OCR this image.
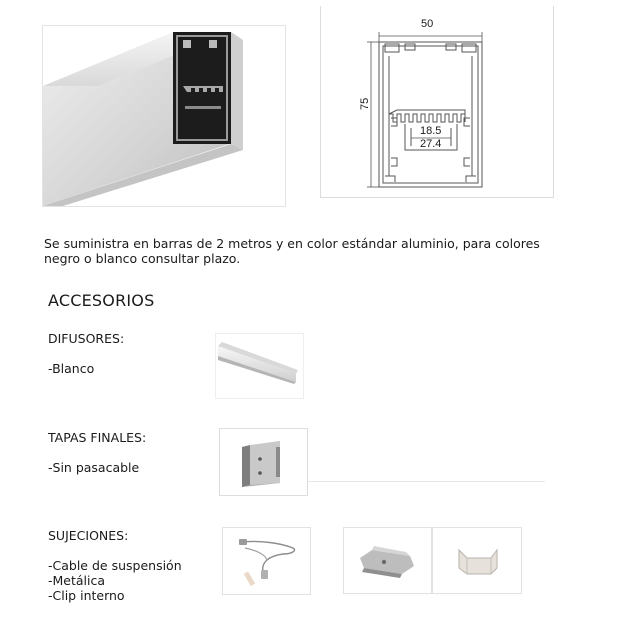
50
75
18.5
27.4
Se suministra en barras de 2 metros y en color estándar aluminio, para colores
negro o blanco consultar plazo.
ACCESORIOS
DIFUSORES:
-Blanco
TAPAS FINALES:
-Sin pasacable
SUJECIONES:
-Cable de suspensión
-Metálica
-Clip interno
